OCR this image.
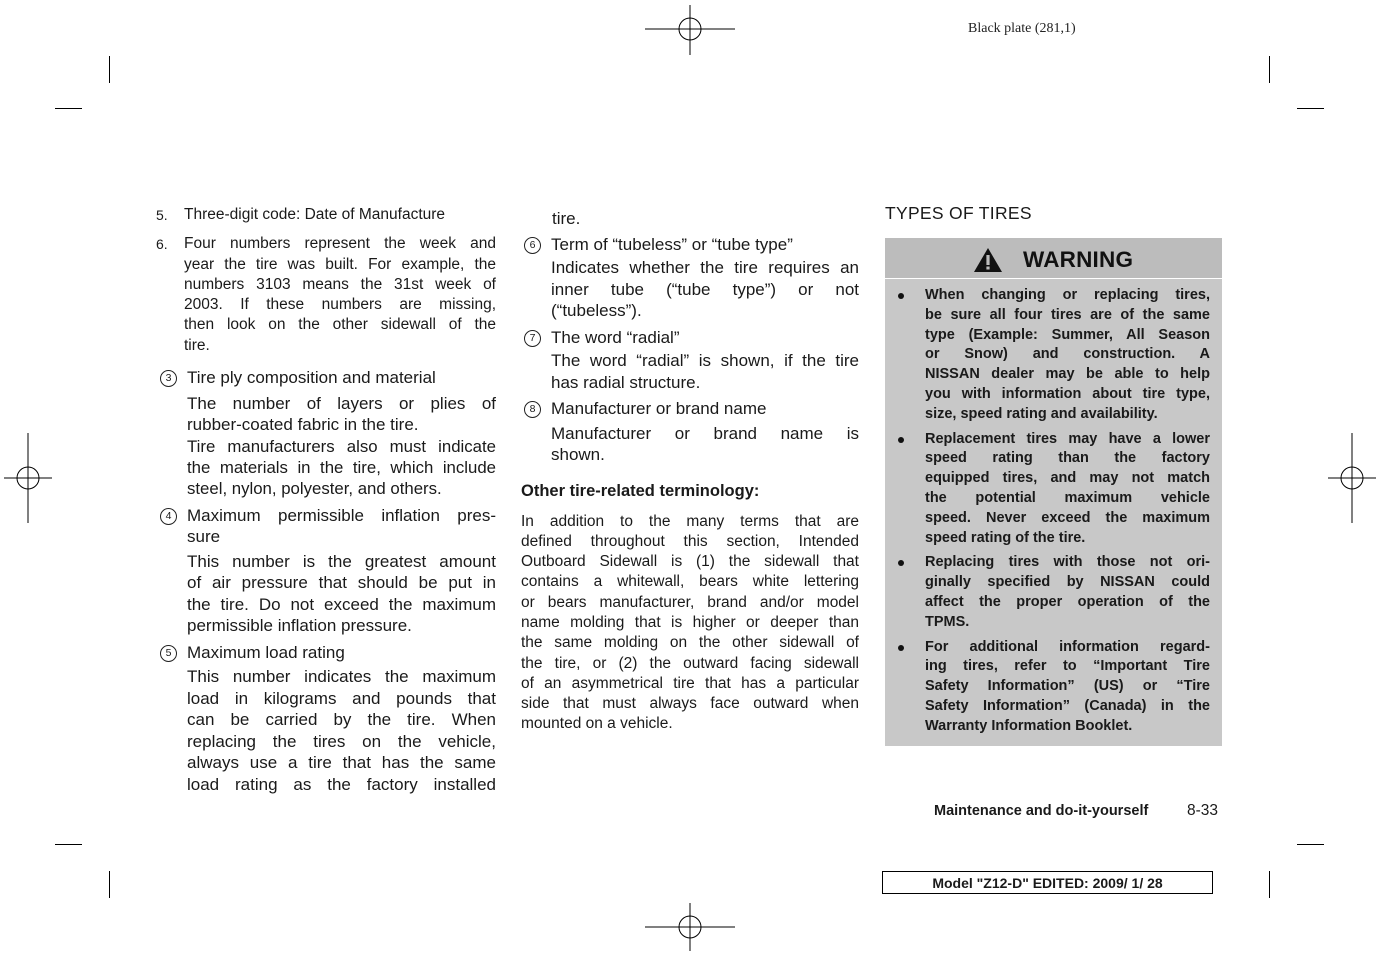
Black plate (281,1)
5. Three-digit code: Date of Manufacture
6. Four numbers represent the week and
year the tire was built. For example, the
numbers 3103 means the 31st week of
2003. If these numbers are missing,
then look on the other sidewall of the
tire.
3 Tire ply composition and material
The number of layers or plies of
rubber-coated fabric in the tire.
Tire manufacturers also must indicate
the materials in the tire, which include
steel, nylon, polyester, and others.
4 Maximum permissible inflation pres-
sure
This number is the greatest amount
of air pressure that should be put in
the tire. Do not exceed the maximum
permissible inflation pressure.
5 Maximum load rating
This number indicates the maximum
load in kilograms and pounds that
can be carried by the tire. When
replacing the tires on the vehicle,
always use a tire that has the same
load rating as the factory installed
tire.
6 Term of “tubeless” or “tube type”
Indicates whether the tire requires an
inner tube (“tube type”) or not
(“tubeless”).
7 The word “radial”
The word “radial” is shown, if the tire
has radial structure.
8 Manufacturer or brand name
Manufacturer or brand name is
shown.
Other tire-related terminology:
In addition to the many terms that are
defined throughout this section, Intended
Outboard Sidewall is (1) the sidewall that
contains a whitewall, bears white lettering
or bears manufacturer, brand and/or model
name molding that is higher or deeper than
the same molding on the other sidewall of
the tire, or (2) the outward facing sidewall
of an asymmetrical tire that has a particular
side that must always face outward when
mounted on a vehicle.
TYPES OF TIRES
WARNING
When changing or replacing tires,
be sure all four tires are of the same
type (Example: Summer, All Season
or Snow) and construction. A
NISSAN dealer may be able to help
you with information about tire type,
size, speed rating and availability.
Replacement tires may have a lower
speed rating than the factory
equipped tires, and may not match
the potential maximum vehicle
speed. Never exceed the maximum
speed rating of the tire.
Replacing tires with those not ori-
ginally specified by NISSAN could
affect the proper operation of the
TPMS.
For additional information regard-
ing tires, refer to “Important Tire
Safety Information” (US) or “Tire
Safety Information” (Canada) in the
Warranty Information Booklet.
Maintenance and do-it-yourself 8-33
Model "Z12-D" EDITED: 2009/ 1/ 28
